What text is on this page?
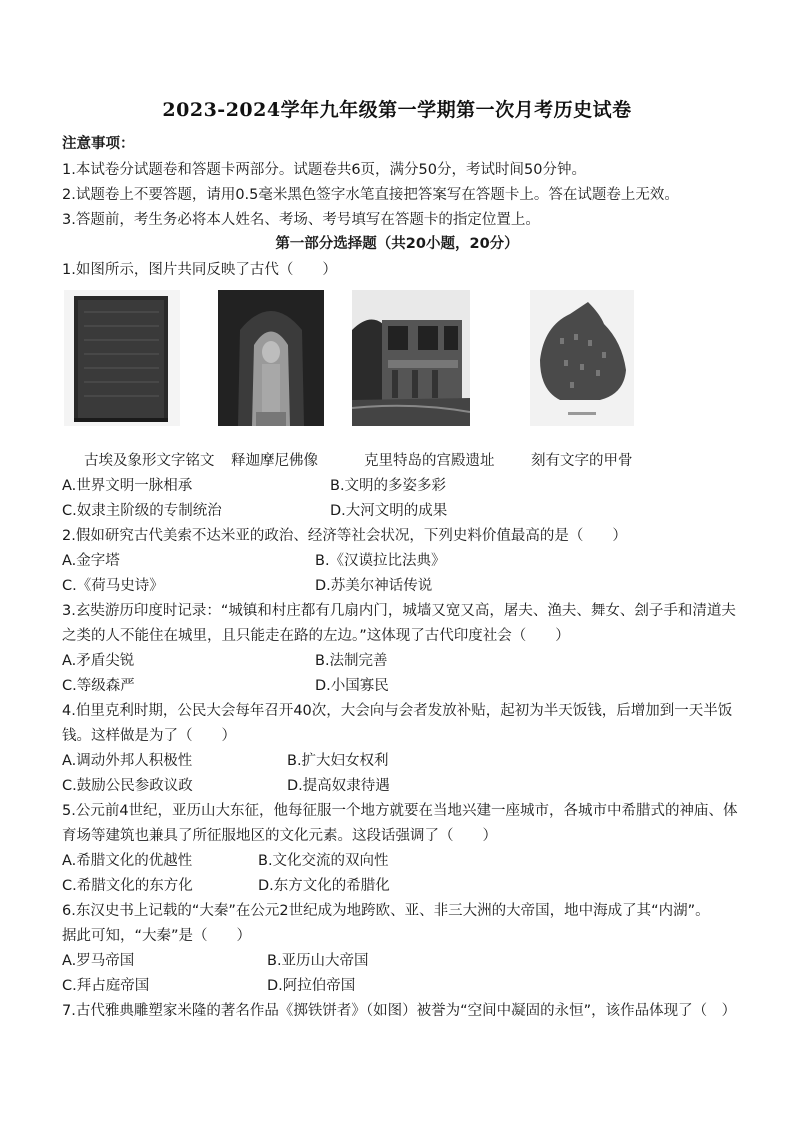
2023-2024学年九年级第一学期第一次月考历史试卷
注意事项：
1.本试卷分试题卷和答题卡两部分。试题卷共6页，满分50分，考试时间50分钟。
2.试题卷上不要答题，请用0.5毫米黑色签字水笔直接把答案写在答题卡上。答在试题卷上无效。
3.答题前，考生务必将本人姓名、考场、考号填写在答题卡的指定位置上。
第一部分选择题（共20小题，20分）
1.如图所示，图片共同反映了古代（　　）
古埃及象形文字铭文 释迦摩尼佛像	克里特岛的宫殿遗址	刻有文字的甲骨
A.世界文明一脉相承	B.文明的多姿多彩
C.奴隶主阶级的专制统治	D.大河文明的成果
2.假如研究古代美索不达米亚的政治、经济等社会状况，下列史料价值最高的是（　　）
A.金字塔	B.《汉谟拉比法典》
C.《荷马史诗》	D.苏美尔神话传说
3.玄奘游历印度时记录：“城镇和村庄都有几扇内门，城墙又宽又高，屠夫、渔夫、舞女、刽子手和清道夫
之类的人不能住在城里，且只能走在路的左边。”这体现了古代印度社会（　　）
A.矛盾尖锐	B.法制完善
C.等级森严	D.小国寡民
4.伯里克利时期，公民大会每年召开40次，大会向与会者发放补贴，起初为半天饭钱，后增加到一天半饭
钱。这样做是为了（　　）
A.调动外邦人积极性	B.扩大妇女权利
C.鼓励公民参政议政	D.提高奴隶待遇
5.公元前4世纪，亚历山大东征，他每征服一个地方就要在当地兴建一座城市，各城市中希腊式的神庙、体
育场等建筑也兼具了所征服地区的文化元素。这段话强调了（　　）
A.希腊文化的优越性	B.文化交流的双向性
C.希腊文化的东方化	D.东方文化的希腊化
6.东汉史书上记载的“大秦”在公元2世纪成为地跨欧、亚、非三大洲的大帝国，地中海成了其“内湖”。
据此可知，“大秦”是（　　）
A.罗马帝国	B.亚历山大帝国
C.拜占庭帝国	D.阿拉伯帝国
7.古代雅典雕塑家米隆的著名作品《掷铁饼者》（如图）被誉为“空间中凝固的永恒”，该作品体现了（　）
